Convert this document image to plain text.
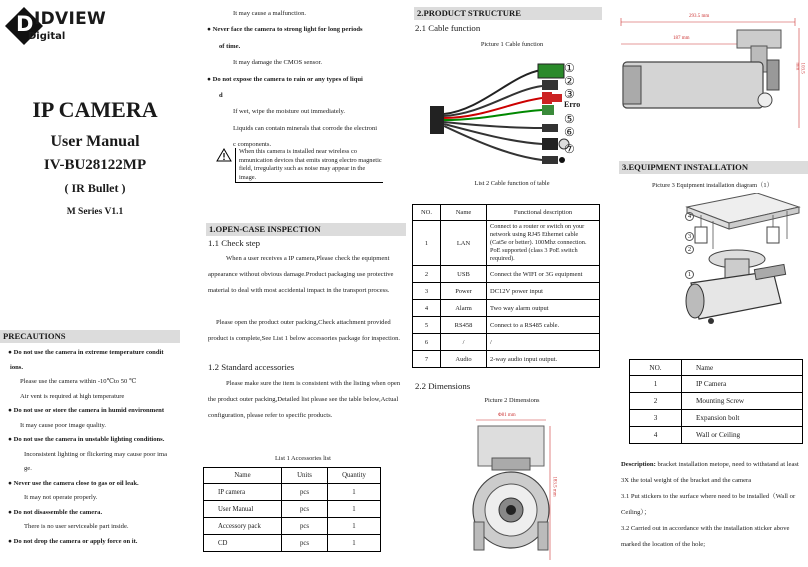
D IDVIEW
Digital
IP CAMERA
User Manual
IV-BU28122MP
( IR Bullet )
M Series V1.1
PRECAUTIONS
● Do not use the camera in extreme temperature condit
ions.
Please use the camera within -10℃to 50 ℃
Air vent is required at high temperature
● Do not use or store the camera in humid environment
It may cause poor image quality.
● Do not use the camera in unstable lighting conditions.
Inconsistent lighting or flickering may cause poor ima
ge.
● Never use the camera close to gas or oil leak.
It may not operate properly.
● Do not disassemble the camera.
There is no user serviceable part inside.
● Do not drop the camera or apply force on it.
It may cause a malfunction.
● Never face the camera to strong light for long periods
of time.
It may damage the CMOS sensor.
● Do not expose the camera to rain or any types of liqui
d
If wet, wipe the moisture out immediately.
Liquids can contain minerals that corrode the electroni
c components.
When this camera is installed near wireless co mmunication devices that emits strong electro magnetic field, irregularity such as noise may appear in the image.
1.OPEN-CASE INSPECTION
1.1 Check step
When a user receives a IP camera,Please check the equipment appearance without obvious damage.Product packaging use protective material to deal with most accidental impact in the transport process.
Please open the product outer packing,Check attachment provided product is complete,See List 1 below accessories package for inspection.
1.2 Standard accessories
Please make sure the item is consistent with the listing when open the product outer packing,Detailed list please see the table below,Actual configuration, please refer to specific products.
List 1 Accessories list
Name	Units	Quantity
IP camera	pcs	1
User Manual	pcs	1
Accessory pack	pcs	1
CD	pcs	1
2.PRODUCT STRUCTURE
2.1 Cable function
Picture 1 Cable function
①
②
③
Erro
⑤
⑥
⑦
List 2 Cable function of table
NO.	Name	Functional description
1	LAN	Connect to a router or switch on your network using RJ45 Ethernet cable (Cat5e or better). 100Mhz connection. PoE supported (class 3 PoE switch required).
2	USB	Connect the WIFI or 3G equipment
3	Power	DC12V power input
4	Alarm	Two way alarm output
5	RS458	Connect to a RS485 cable.
6	/	/
7	Audio	2-way audio input output.
2.2 Dimensions
Picture 2 Dimensions
Φ81 mm
183.5 mm
293.5 mm
187 mm
103.5 mm
3.EQUIPMENT INSTALLATION
Picture 3 Equipment installation diagram（1）
4
3
2
1
NO.	Name
1	IP Camera
2	Mounting Screw
3	Expansion bolt
4	Wall or Ceiling
Description: bracket installation metope, need to withstand at least 3X the total weight of the bracket and the camera
3.1 Put stickers to the surface where need to be installed（Wall or Ceiling）；
3.2 Carried out in accordance with the installation sticker above marked the location of the hole;
